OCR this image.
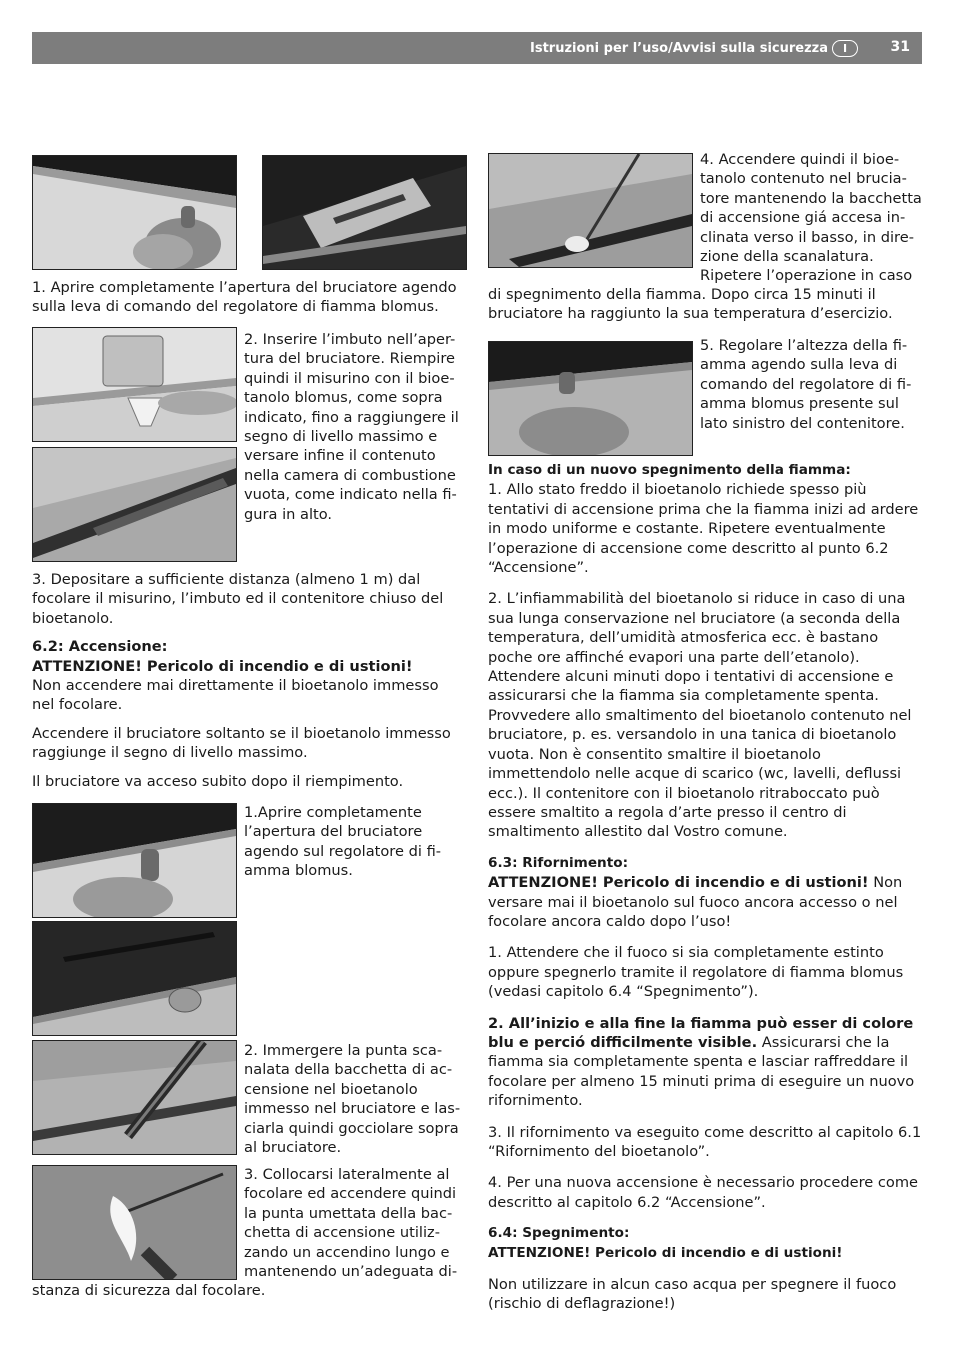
Istruzioni per l’uso/Avvisi sulla sicurezza I	31
1. Aprire completamente l’apertura del bruciatore agendo sulla leva di comando del regolatore di fiamma blomus.
2. Inserire l’imbuto nell’aper-
tura del bruciatore. Riempire
quindi il misurino con il bioe-
tanolo blomus, come sopra
indicato, fino a raggiungere il
segno di livello massimo e
versare infine il contenuto
nella camera di combustione
vuota, come indicato nella fi-
gura in alto.

3. Depositare a sufficiente distanza (almeno 1 m) dal focolare il misurino, l’imbuto ed il contenitore chiuso del bioetanolo.

6.2: Accensione:

ATTENZIONE! Pericolo di incendio e di ustioni!

Non accendere mai direttamente il bioetanolo immesso nel focolare.

Accendere il bruciatore soltanto se il bioetanolo immesso raggiunge il segno di livello massimo.

Il bruciatore va acceso subito dopo il riempimento.

1.Aprire completamente
l’apertura del bruciatore
agendo sul regolatore di fi-
amma blomus.
2. Immergere la punta sca-
nalata della bacchetta di ac-
censione nel bioetanolo
immesso nel bruciatore e las-
ciarla quindi gocciolare sopra
al bruciatore.
3. Collocarsi lateralmente al
focolare ed accendere quindi
la punta umettata della bac-
chetta di accensione utiliz-
zando un accendino lungo e
mantenendo un’adeguata di-
stanza di sicurezza dal focolare.
4. Accendere quindi il bioe-
tanolo contenuto nel brucia-
tore mantenendo la bacchetta
di accensione giá accesa in-
clinata verso il basso, in dire-
zione della scanalatura.
Ripetere l’operazione in caso
di spegnimento della fiamma. Dopo circa 15 minuti il bruciatore ha raggiunto la sua temperatura d’esercizio.
5. Regolare l’altezza della fi-
amma agendo sulla leva di
comando del regolatore di fi-
amma blomus presente sul
lato sinistro del contenitore.

In caso di un nuovo spegnimento della fiamma:

1. Allo stato freddo il bioetanolo richiede spesso più tentativi di accensione prima che la fiamma inizi ad ardere in modo uniforme e costante. Ripetere eventualmente l’operazione di accensione come descritto al punto 6.2 “Accensione”.

2. L’infiammabilità del bioetanolo si riduce in caso di una sua lunga conservazione nel bruciatore (a seconda della temperatura, dell’umidità atmosferica ecc. è bastano poche ore affinché evapori una parte dell’etanolo). Attendere alcuni minuti dopo i tentativi di accensione e assicurarsi che la fiamma sia completamente spenta. Provvedere allo smaltimento del bioetanolo contenuto nel bruciatore, p. es. versandolo in una tanica di bioetanolo vuota. Non è consentito smaltire il bioetanolo immettendolo nelle acque di scarico (wc, lavelli, deflussi ecc.). Il contenitore con il bioetanolo ritraboccato può essere smaltito a regola d’arte presso il centro di smaltimento allestito dal Vostro comune.

6.3: Rifornimento:

ATTENZIONE! Pericolo di incendio e di ustioni! Non versare mai il bioetanolo sul fuoco ancora accesso o nel focolare ancora caldo dopo l’uso!

1. Attendere che il fuoco si sia completamente estinto oppure spegnerlo tramite il regolatore di fiamma blomus (vedasi capitolo 6.4 “Spegnimento”).

2. All’inizio e alla fine la fiamma può esser di colore blu e perció difficilmente visible. Assicurarsi che la fiamma sia completamente spenta e lasciar raffreddare il focolare per almeno 15 minuti prima di eseguire un nuovo rifornimento.

3. Il rifornimento va eseguito come descritto al capitolo 6.1 “Rifornimento del bioetanolo”.

4. Per una nuova accensione è necessario procedere come descritto al capitolo 6.2 “Accensione”.

6.4: Spegnimento:

ATTENZIONE! Pericolo di incendio e di ustioni!

Non utilizzare in alcun caso acqua per spegnere il fuoco (rischio di deflagrazione!)
